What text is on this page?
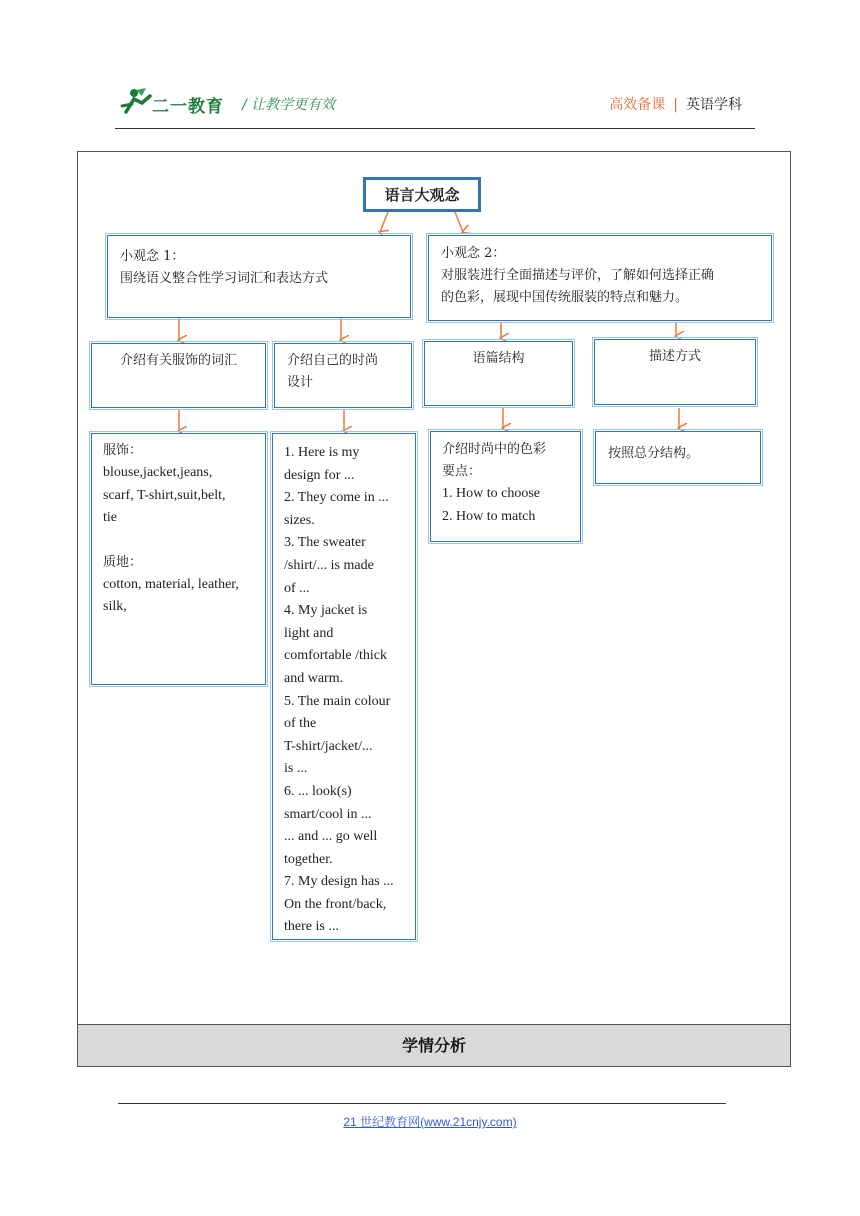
二一教育 / 让教学更有效	高效备课 | 英语学科
学情分析
语言大观念
小观念 1：
围绕语义整合性学习词汇和表达方式
小观念 2：
对服装进行全面描述与评价，了解如何选择正确
的色彩，展现中国传统服装的特点和魅力。
介绍有关服饰的词汇	介绍自己的时尚
设计
语篇结构	描述方式
服饰：
blouse,jacket,jeans,
scarf, T-shirt,suit,belt,
tie
质地：
cotton, material, leather,
silk,
1. Here is my
design for ...
2. They come in ...
sizes.
3. The sweater
/shirt/... is made
of ...
4. My jacket is
light and
comfortable /thick
and warm.
5. The main colour
of the
T-shirt/jacket/...
is ...
6. ... look(s)
smart/cool in ...
... and ... go well
together.
7. My design has ...
On the front/back,
there is ...
介绍时尚中的色彩
要点：
1. How to choose
2. How to match
按照总分结构。
21 世纪教育网(www.21cnjy.com)
